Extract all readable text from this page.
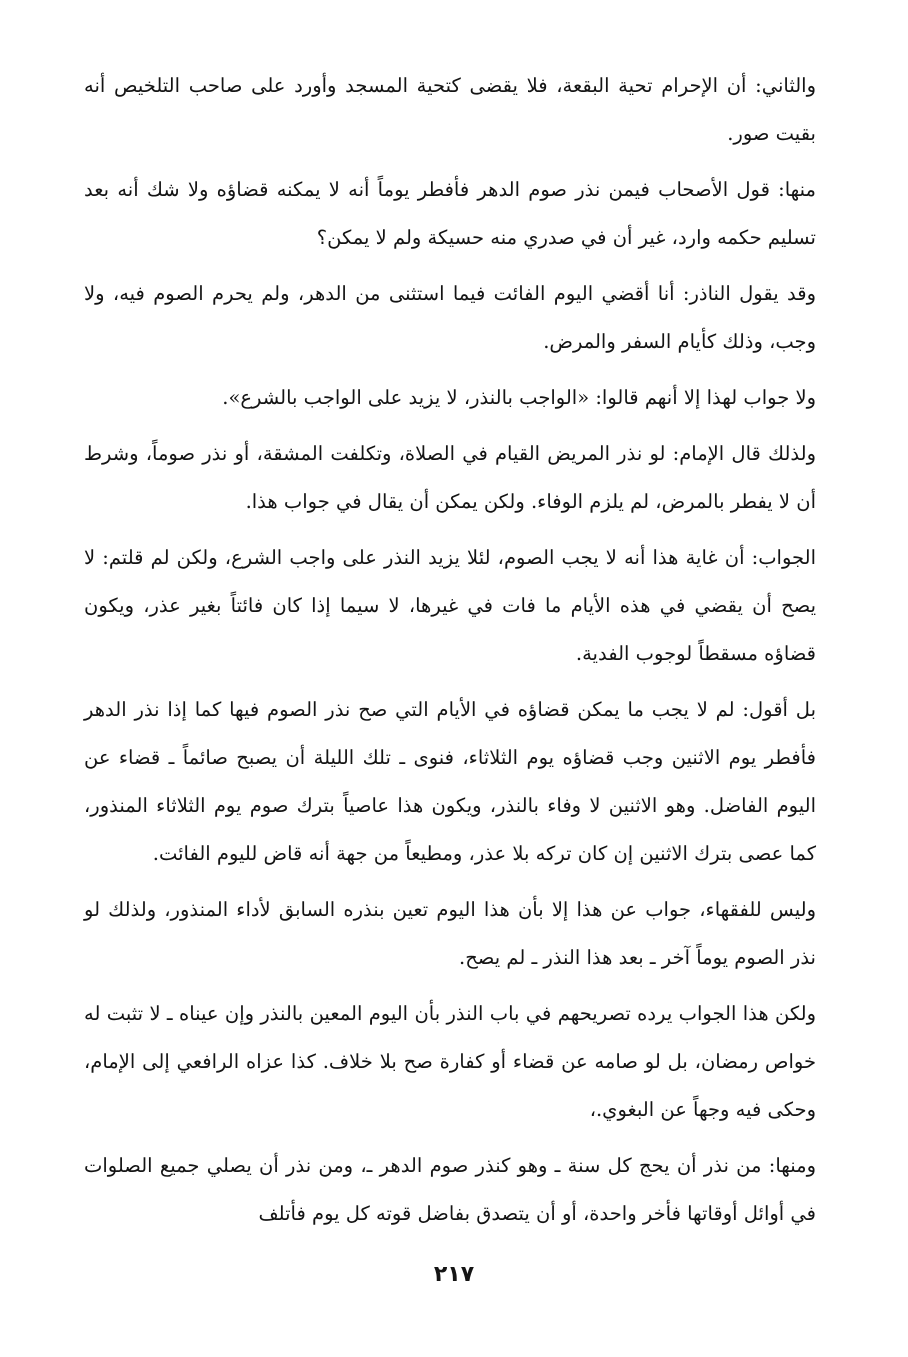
والثاني: أن الإحرام تحية البقعة، فلا يقضى كتحية المسجد وأورد على صاحب التلخيص أنه بقيت صور.

منها: قول الأصحاب فيمن نذر صوم الدهر فأفطر يوماً أنه لا يمكنه قضاؤه ولا شك أنه بعد تسليم حكمه وارد، غير أن في صدري منه حسيكة ولم لا يمكن؟

وقد يقول الناذر: أنا أقضي اليوم الفائت فيما استثنى من الدهر، ولم يحرم الصوم فيه، ولا وجب، وذلك كأيام السفر والمرض.

ولا جواب لهذا إلا أنهم قالوا: «الواجب بالنذر، لا يزيد على الواجب بالشرع».

ولذلك قال الإمام: لو نذر المريض القيام في الصلاة، وتكلفت المشقة، أو نذر صوماً، وشرط أن لا يفطر بالمرض، لم يلزم الوفاء. ولكن يمكن أن يقال في جواب هذا.

الجواب: أن غاية هذا أنه لا يجب الصوم، لئلا يزيد النذر على واجب الشرع، ولكن لم قلتم: لا يصح أن يقضي في هذه الأيام ما فات في غيرها، لا سيما إذا كان فائتاً بغير عذر، ويكون قضاؤه مسقطاً لوجوب الفدية.

بل أقول: لم لا يجب ما يمكن قضاؤه في الأيام التي صح نذر الصوم فيها كما إذا نذر الدهر فأفطر يوم الاثنين وجب قضاؤه يوم الثلاثاء، فنوى ـ تلك الليلة أن يصبح صائماً ـ قضاء عن اليوم الفاضل. وهو الاثنين لا وفاء بالنذر، ويكون هذا عاصياً بترك صوم يوم الثلاثاء المنذور، كما عصى بترك الاثنين إن كان تركه بلا عذر، ومطيعاً من جهة أنه قاض لليوم الفائت.

وليس للفقهاء، جواب عن هذا إلا بأن هذا اليوم تعين بنذره السابق لأداء المنذور، ولذلك لو نذر الصوم يوماً آخر ـ بعد هذا النذر ـ لم يصح.

ولكن هذا الجواب يرده تصريحهم في باب النذر بأن اليوم المعين بالنذر وإن عيناه ـ لا تثبت له خواص رمضان، بل لو صامه عن قضاء أو كفارة صح بلا خلاف. كذا عزاه الرافعي إلى الإمام، وحكى فيه وجهاً عن البغوي.،

ومنها: من نذر أن يحج كل سنة ـ وهو كنذر صوم الدهر ـ، ومن نذر أن يصلي جميع الصلوات في أوائل أوقاتها فأخر واحدة، أو أن يتصدق بفاضل قوته كل يوم فأتلف

٢١٧
